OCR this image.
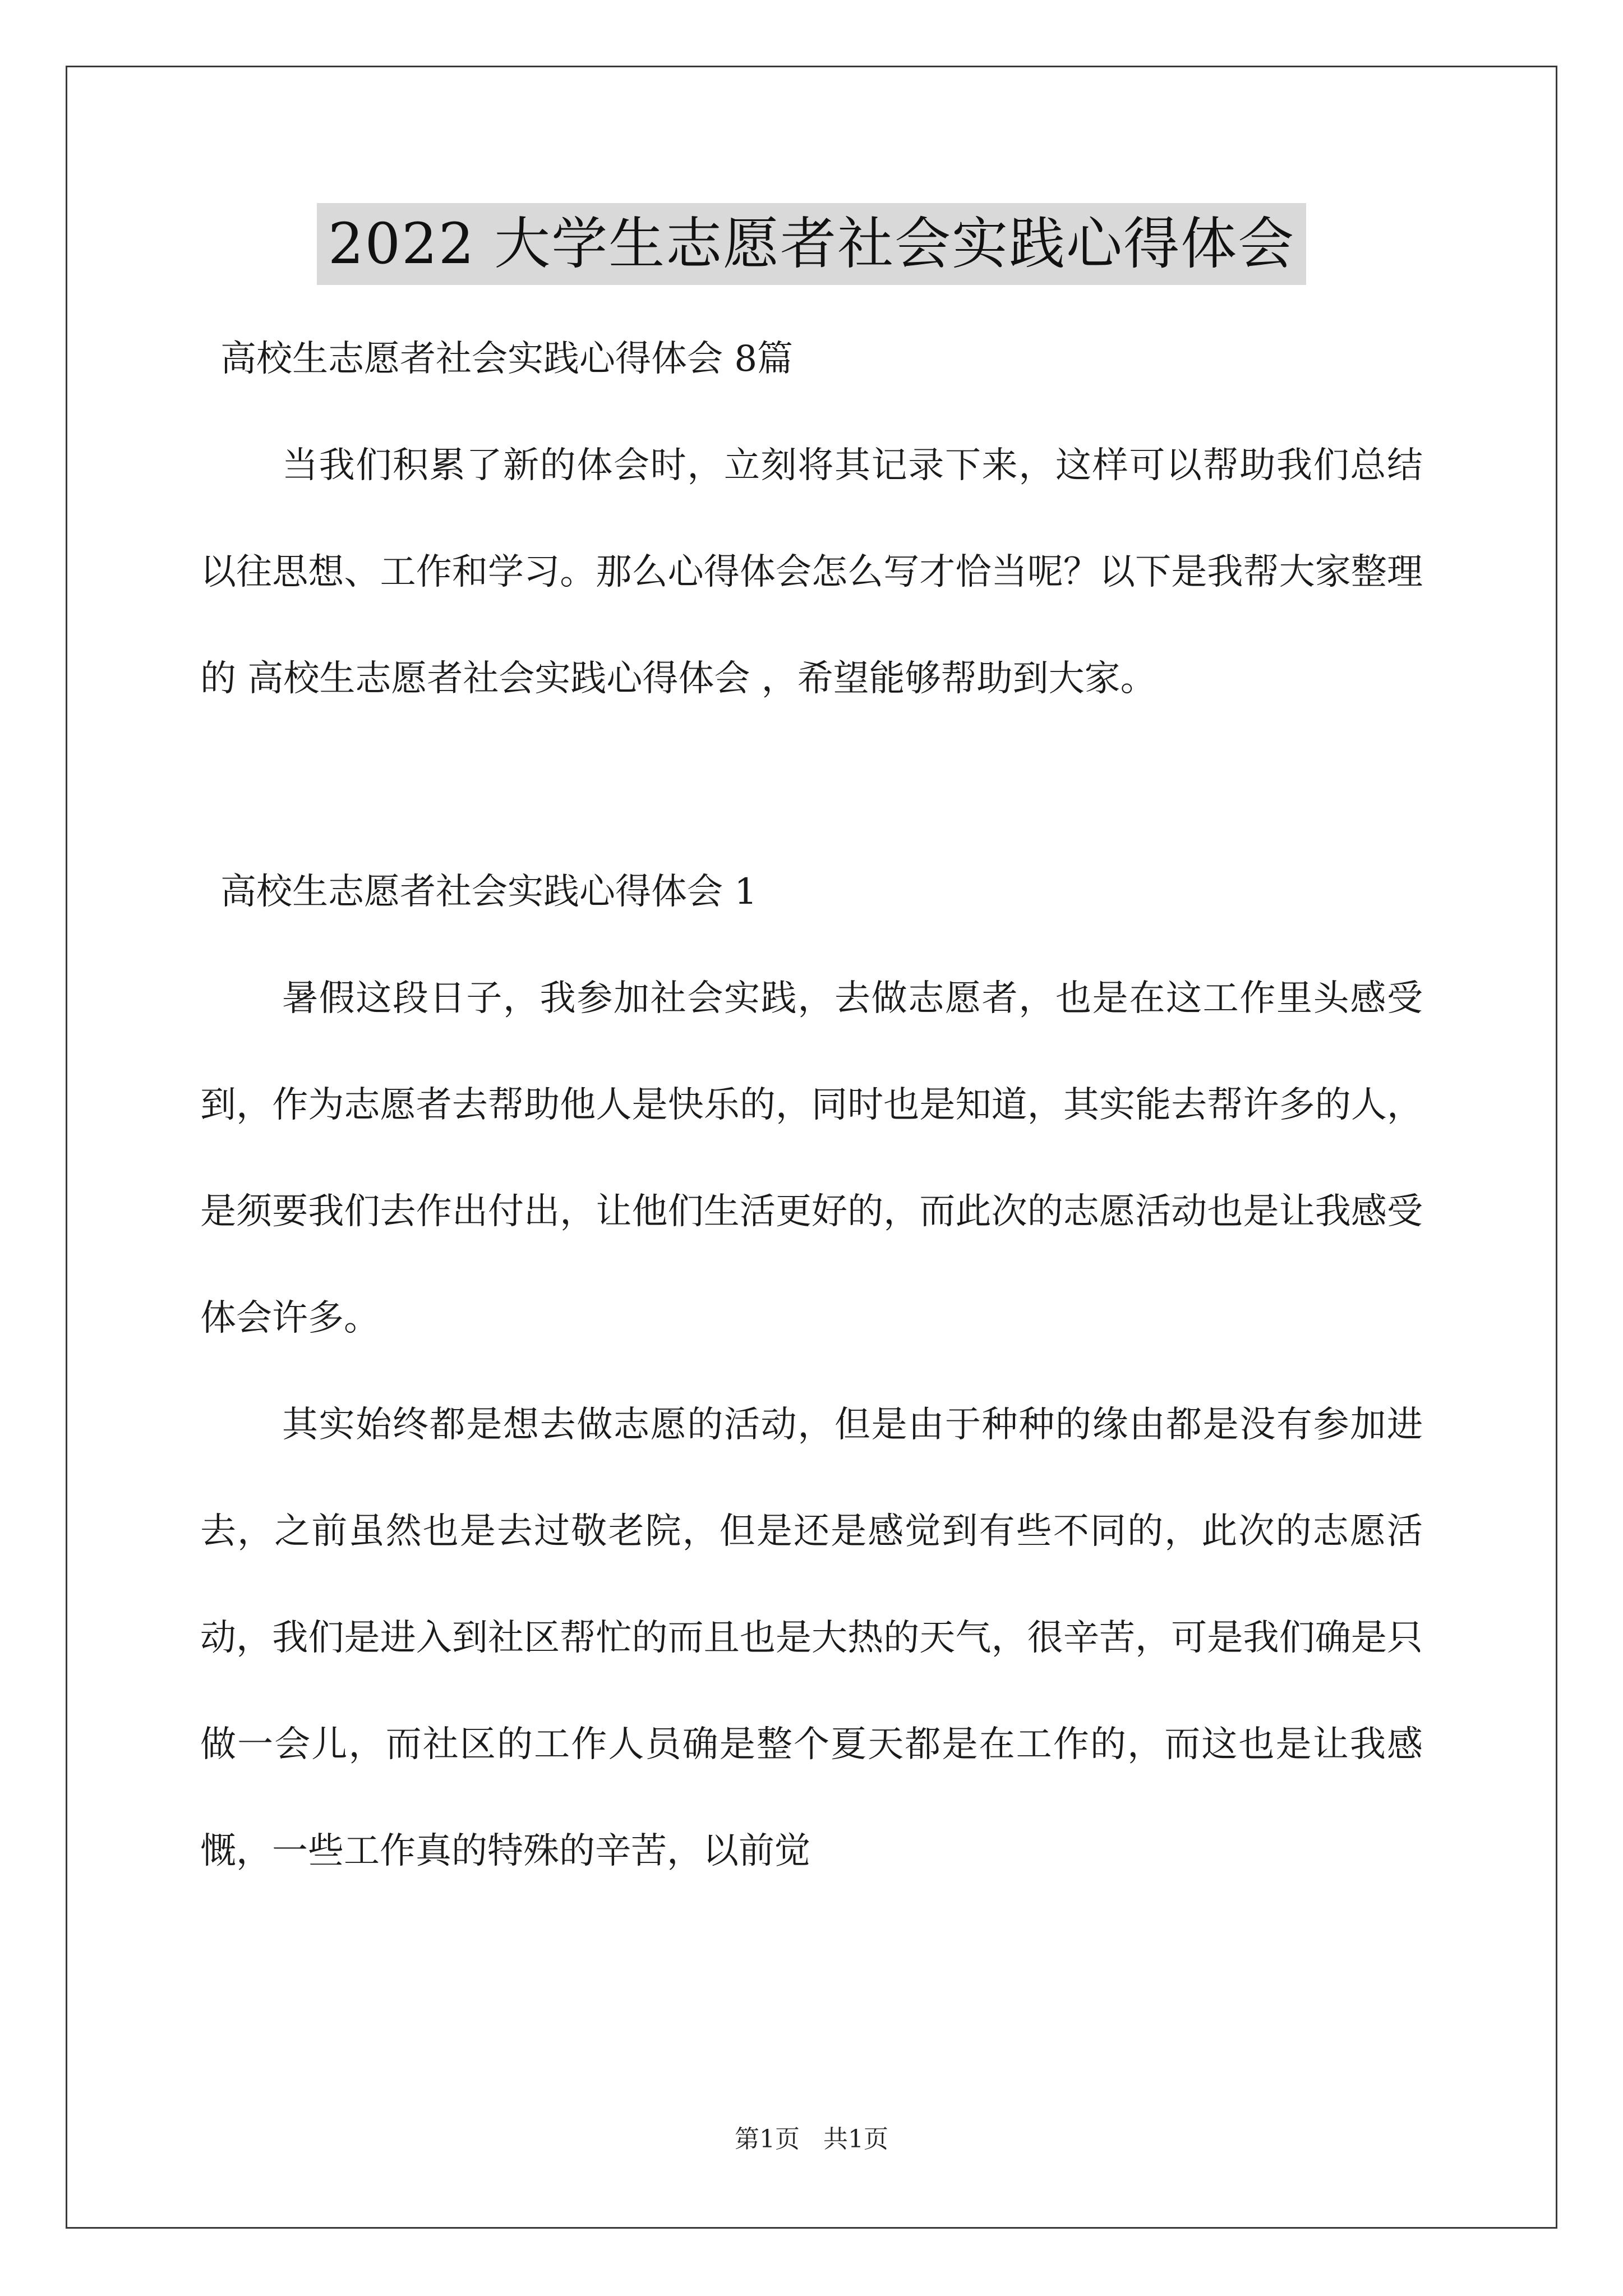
2022 大学生志愿者社会实践心得体会

高校生志愿者社会实践心得体会 8篇

当我们积累了新的体会时，立刻将其记录下来，这样可以帮助我们总结以往思想、工作和学习。那么心得体会怎么写才恰当呢？以下是我帮大家整理的 高校生志愿者社会实践心得体会 ，希望能够帮助到大家。

高校生志愿者社会实践心得体会 1

暑假这段日子，我参加社会实践，去做志愿者，也是在这工作里头感受到，作为志愿者去帮助他人是快乐的，同时也是知道，其实能去帮许多的人，是须要我们去作出付出，让他们生活更好的，而此次的志愿活动也是让我感受体会许多。

其实始终都是想去做志愿的活动，但是由于种种的缘由都是没有参加进去，之前虽然也是去过敬老院，但是还是感觉到有些不同的，此次的志愿活动，我们是进入到社区帮忙的而且也是大热的天气，很辛苦，可是我们确是只做一会儿，而社区的工作人员确是整个夏天都是在工作的，而这也是让我感慨，一些工作真的特殊的辛苦，以前觉

第1页   共1页
